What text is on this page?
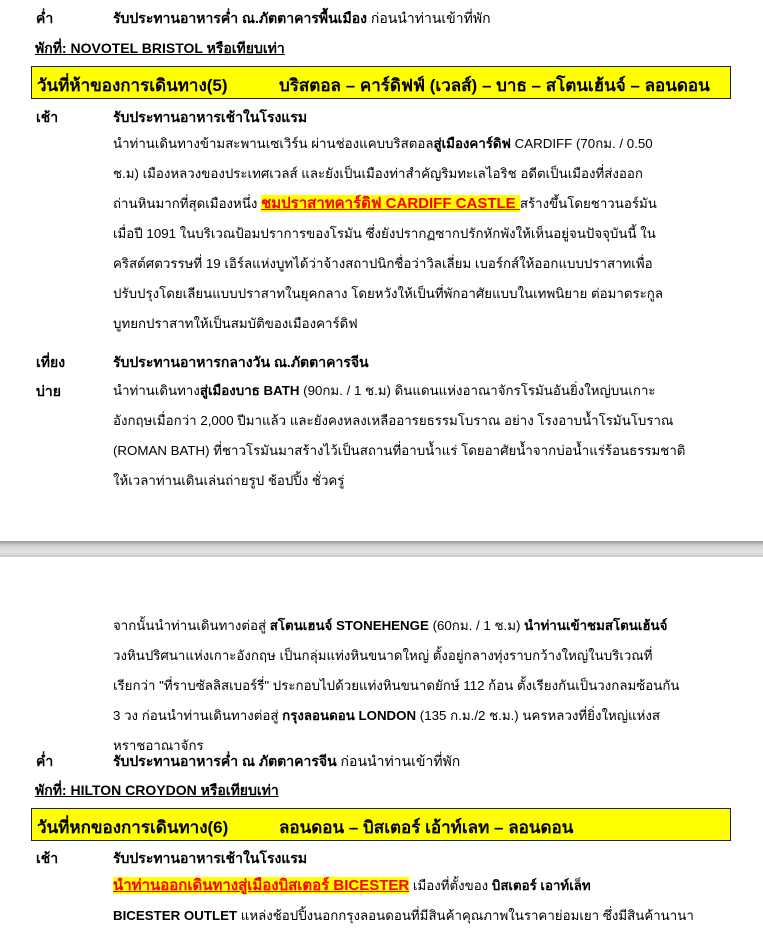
ค่ำ	รับประทานอาหารค่ำ ณ.ภัตตาคารพื้นเมือง ก่อนนำท่านเข้าที่พัก
พักที่: NOVOTEL BRISTOL หรือเทียบเท่า
วันที่ห้าของการเดินทาง(5)	บริสตอล – คาร์ดิฟฟ์ (เวลส์) – บาธ – สโตนเฮ้นจ์ – ลอนดอน
เช้า	รับประทานอาหารเช้าในโรงแรม
นำท่านเดินทางข้ามสะพานเซเวิร์น ผ่านช่องแคบบริสตอลสู่เมืองคาร์ดิฟ CARDIFF (70กม. / 0.50
ช.ม) เมืองหลวงของประเทศเวลส์ และยังเป็นเมืองท่าสำคัญริมทะเลไอริช อดีตเป็นเมืองที่ส่งออก
ถ่านหินมากที่สุดเมืองหนึ่ง ชมปราสาทคาร์ดิฟ CARDIFF CASTLE สร้างขึ้นโดยชาวนอร์มัน
เมื่อปี 1091 ในบริเวณป้อมปราการของโรมัน ซึ่งยังปรากฏซากปรักหักพังให้เห็นอยู่จนปัจจุบันนี้ ใน
คริสต์ศตวรรษที่ 19 เอิร์ลแห่งบูทได้ว่าจ้างสถาปนิกชื่อว่าวิลเลี่ยม เบอร์กส์ให้ออกแบบปราสาทเพื่อ
ปรับปรุงโดยเลียนแบบปราสาทในยุคกลาง โดยหวังให้เป็นที่พักอาศัยแบบในเทพนิยาย ต่อมาตระกูล
บูทยกปราสาทให้เป็นสมบัติของเมืองคาร์ดิฟ
เที่ยง	รับประทานอาหารกลางวัน ณ.ภัตตาคารจีน
บ่าย	นำท่านเดินทางสู่เมืองบาธ BATH (90กม. / 1 ช.ม) ดินแดนแห่งอาณาจักรโรมันอันยิ่งใหญ่บนเกาะ
อังกฤษเมื่อกว่า 2,000 ปีมาแล้ว และยังคงหลงเหลืออารยธรรมโบราณ อย่าง โรงอาบน้ำโรมันโบราณ
(ROMAN BATH) ที่ชาวโรมันมาสร้างไว้เป็นสถานที่อาบน้ำแร่ โดยอาศัยน้ำจากบ่อน้ำแร่ร้อนธรรมชาติ
ให้เวลาท่านเดินเล่นถ่ายรูป ช้อปปิ้ง ชั่วครู่
จากนั้นนำท่านเดินทางต่อสู่ สโตนเฮนจ์ STONEHENGE (60กม. / 1 ช.ม) นำท่านเข้าชมสโตนเฮ้นจ์
วงหินปริศนาแห่งเกาะอังกฤษ เป็นกลุ่มแท่งหินขนาดใหญ่ ตั้งอยู่กลางทุ่งราบกว้างใหญ่ในบริเวณที่
เรียกว่า "ที่ราบซัลลิสเบอร์รี่" ประกอบไปด้วยแท่งหินขนาดยักษ์ 112 ก้อน ตั้งเรียงกันเป็นวงกลมซ้อนกัน
3 วง ก่อนนำท่านเดินทางต่อสู่ กรุงลอนดอน LONDON (135 ก.ม./2 ช.ม.) นครหลวงที่ยิ่งใหญ่แห่งส
หราชอาณาจักร
ค่ำ	รับประทานอาหารค่ำ ณ ภัตตาคารจีน ก่อนนำท่านเข้าที่พัก
พักที่: HILTON CROYDON หรือเทียบเท่า
วันที่หกของการเดินทาง(6)	ลอนดอน – บิสเตอร์ เอ้าท์เลท – ลอนดอน
เช้า	รับประทานอาหารเช้าในโรงแรม
นำท่านออกเดินทางสู่เมืองบิสเตอร์ BICESTER เมืองที่ตั้งของ บิสเตอร์ เอาท์เล็ท
BICESTER OUTLET แหล่งช้อปปิ้งนอกกรุงลอนดอนที่มีสินค้าคุณภาพในราคาย่อมเยา ซึ่งมีสินค้านานา
